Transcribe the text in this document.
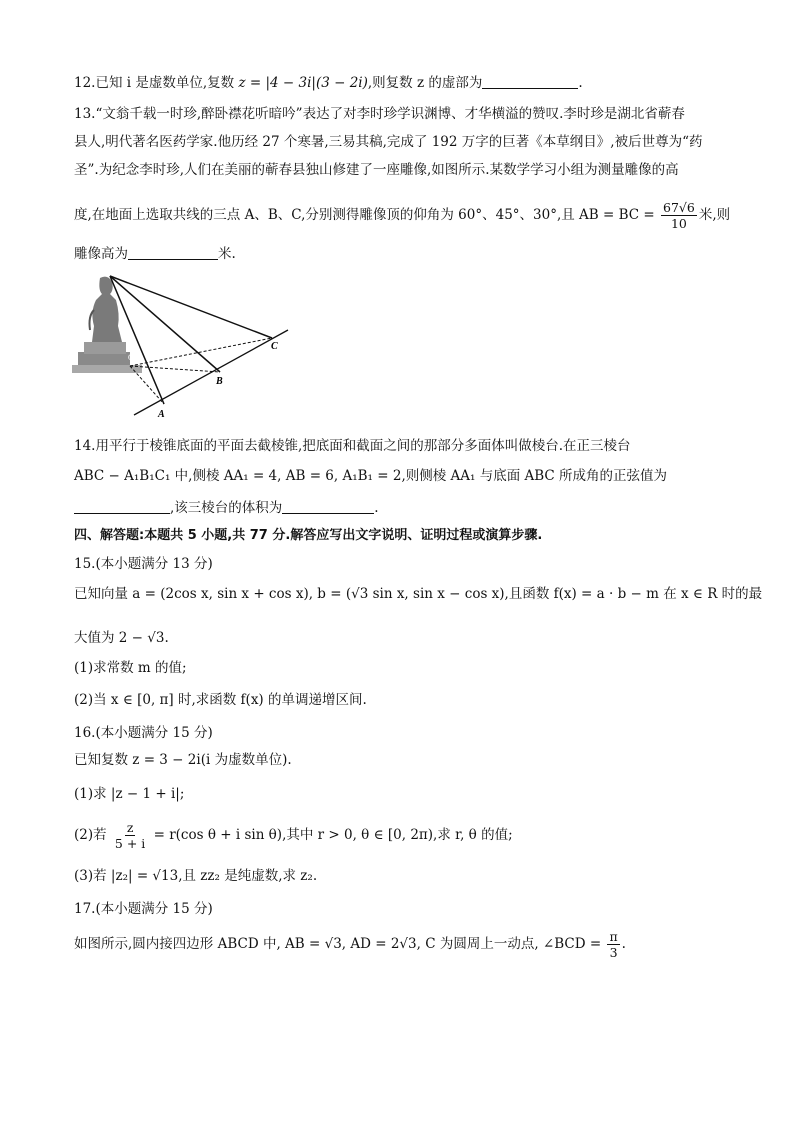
12.已知 i 是虚数单位,复数 z = |4 − 3i|(3 − 2i),则复数 z 的虚部为	.
13.“文翁千载一时珍,醉卧襟花听暗吟”表达了对李时珍学识渊博、才华横溢的赞叹.李时珍是湖北省蕲春
县人,明代著名医药学家.他历经 27 个寒暑,三易其稿,完成了 192 万字的巨著《本草纲目》,被后世尊为“药
圣”.为纪念李时珍,人们在美丽的蕲春县独山修建了一座雕像,如图所示.某数学学习小组为测量雕像的高
度,在地面上选取共线的三点 A、B、C,分别测得雕像顶的仰角为 60°、45°、30°,且 AB = BC = $\frac{67√6}{10}$ 米,则
雕像高为	米.
A
B
C
O
14.用平行于棱锥底面的平面去截棱锥,把底面和截面之间的那部分多面体叫做棱台.在正三棱台
ABC − A₁B₁C₁ 中,侧棱 AA₁ = 4, AB = 6, A₁B₁ = 2,则侧棱 AA₁ 与底面 ABC 所成角的正弦值为
,该三棱台的体积为	.
四、解答题:本题共 5 小题,共 77 分.解答应写出文字说明、证明过程或演算步骤.
15.(本小题满分 13 分)
已知向量 a = (2cos x, sin x + cos x), b = (√3 sin x, sin x − cos x),且函数 f(x) = a · b − m 在 x ∈ R 时的最
大值为 2 − √3.
(1)求常数 m 的值;
(2)当 x ∈ [0, π] 时,求函数 f(x) 的单调递增区间.
16.(本小题满分 15 分)
已知复数 z = 3 − 2i(i 为虚数单位).
(1)求 |z − 1 + i|;
(2)若 $\frac{z}{5 + i} = r(\cos$ θ + i sin θ),其中 r > 0, θ ∈ [0, 2π),求 r, θ 的值;
(3)若 |z₂| = √13,且 zz₂ 是纯虚数,求 z₂.
17.(本小题满分 15 分)
如图所示,圆内接四边形 ABCD 中, AB = √3, AD = 2√3, C 为圆周上一动点, ∠BCD = $\frac{\pi}{3}$ .
